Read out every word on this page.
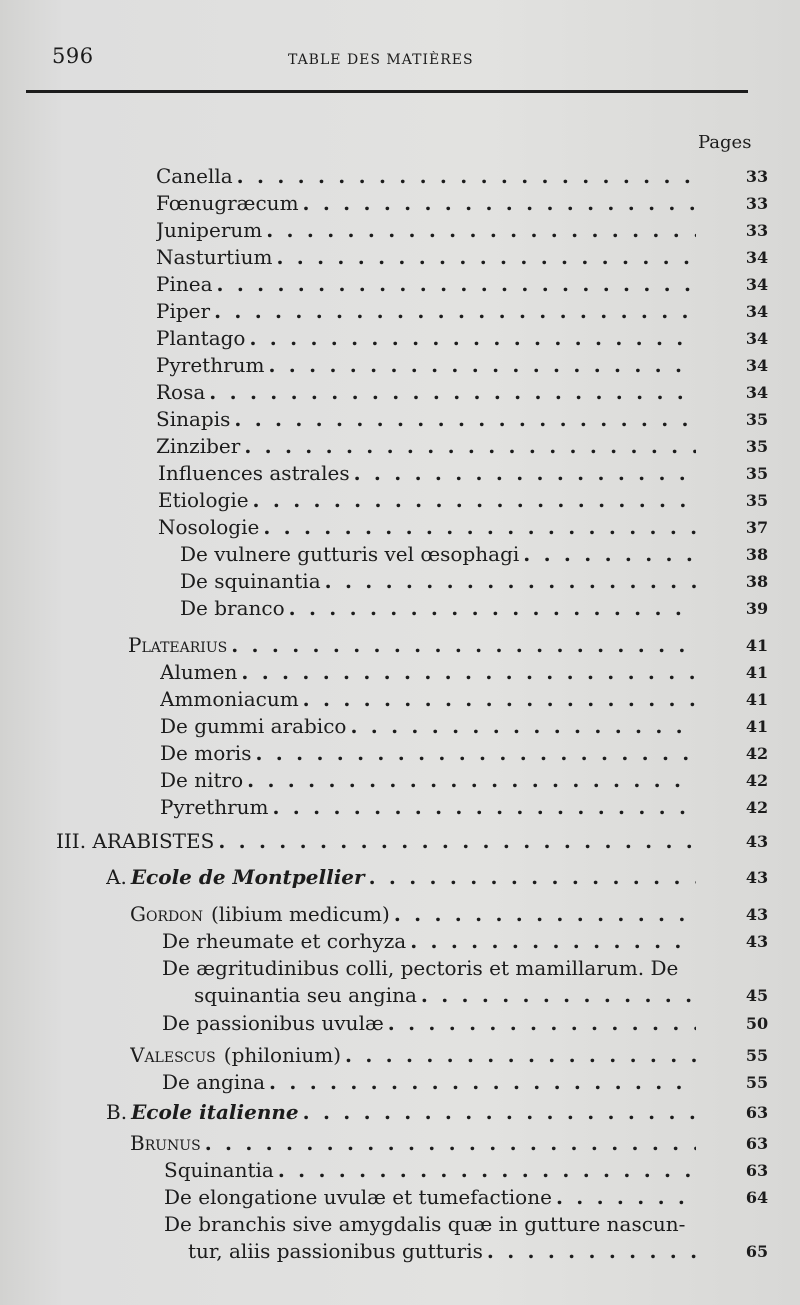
596	TABLE DES MATIÈRES
Pages
Canella . . .	33
Fœnugræcum . . .	33
Juniperum . . .	33
Nasturtium . . .	34
Pinea . . .	34
Piper . . .	34
Plantago . . .	34
Pyrethrum . . .	34
Rosa . . .	34
Sinapis . . .	35
Zinziber . . .	35
Influences astrales . . .	35
Etiologie . . .	35
Nosologie . . .	37
De vulnere gutturis vel œsophagi . . .	38
De squinantia . . .	38
De branco . . .	39
Platearius . . .	41
Alumen . . .	41
Ammoniacum . . .	41
De gummi arabico . . .	41
De moris . . .	42
De nitro . . .	42
Pyrethrum . . .	42
III. ARABISTES . . .	43
A. Ecole de Montpellier . . .	43
Gordon (libium medicum) . . .	43
De rheumate et corhyza . . .	43
De ægritudinibus colli, pectoris et mamillarum. De
squinantia seu angina . . .	45
De passionibus uvulæ . . .	50
Valescus (philonium) . . .	55
De angina . . .	55
B. Ecole italienne . . .	63
Brunus . . .	63
Squinantia . . .	63
De elongatione uvulæ et tumefactione . . .	64
De branchis sive amygdalis quæ in gutture nascun-
tur, aliis passionibus gutturis . . .	65
